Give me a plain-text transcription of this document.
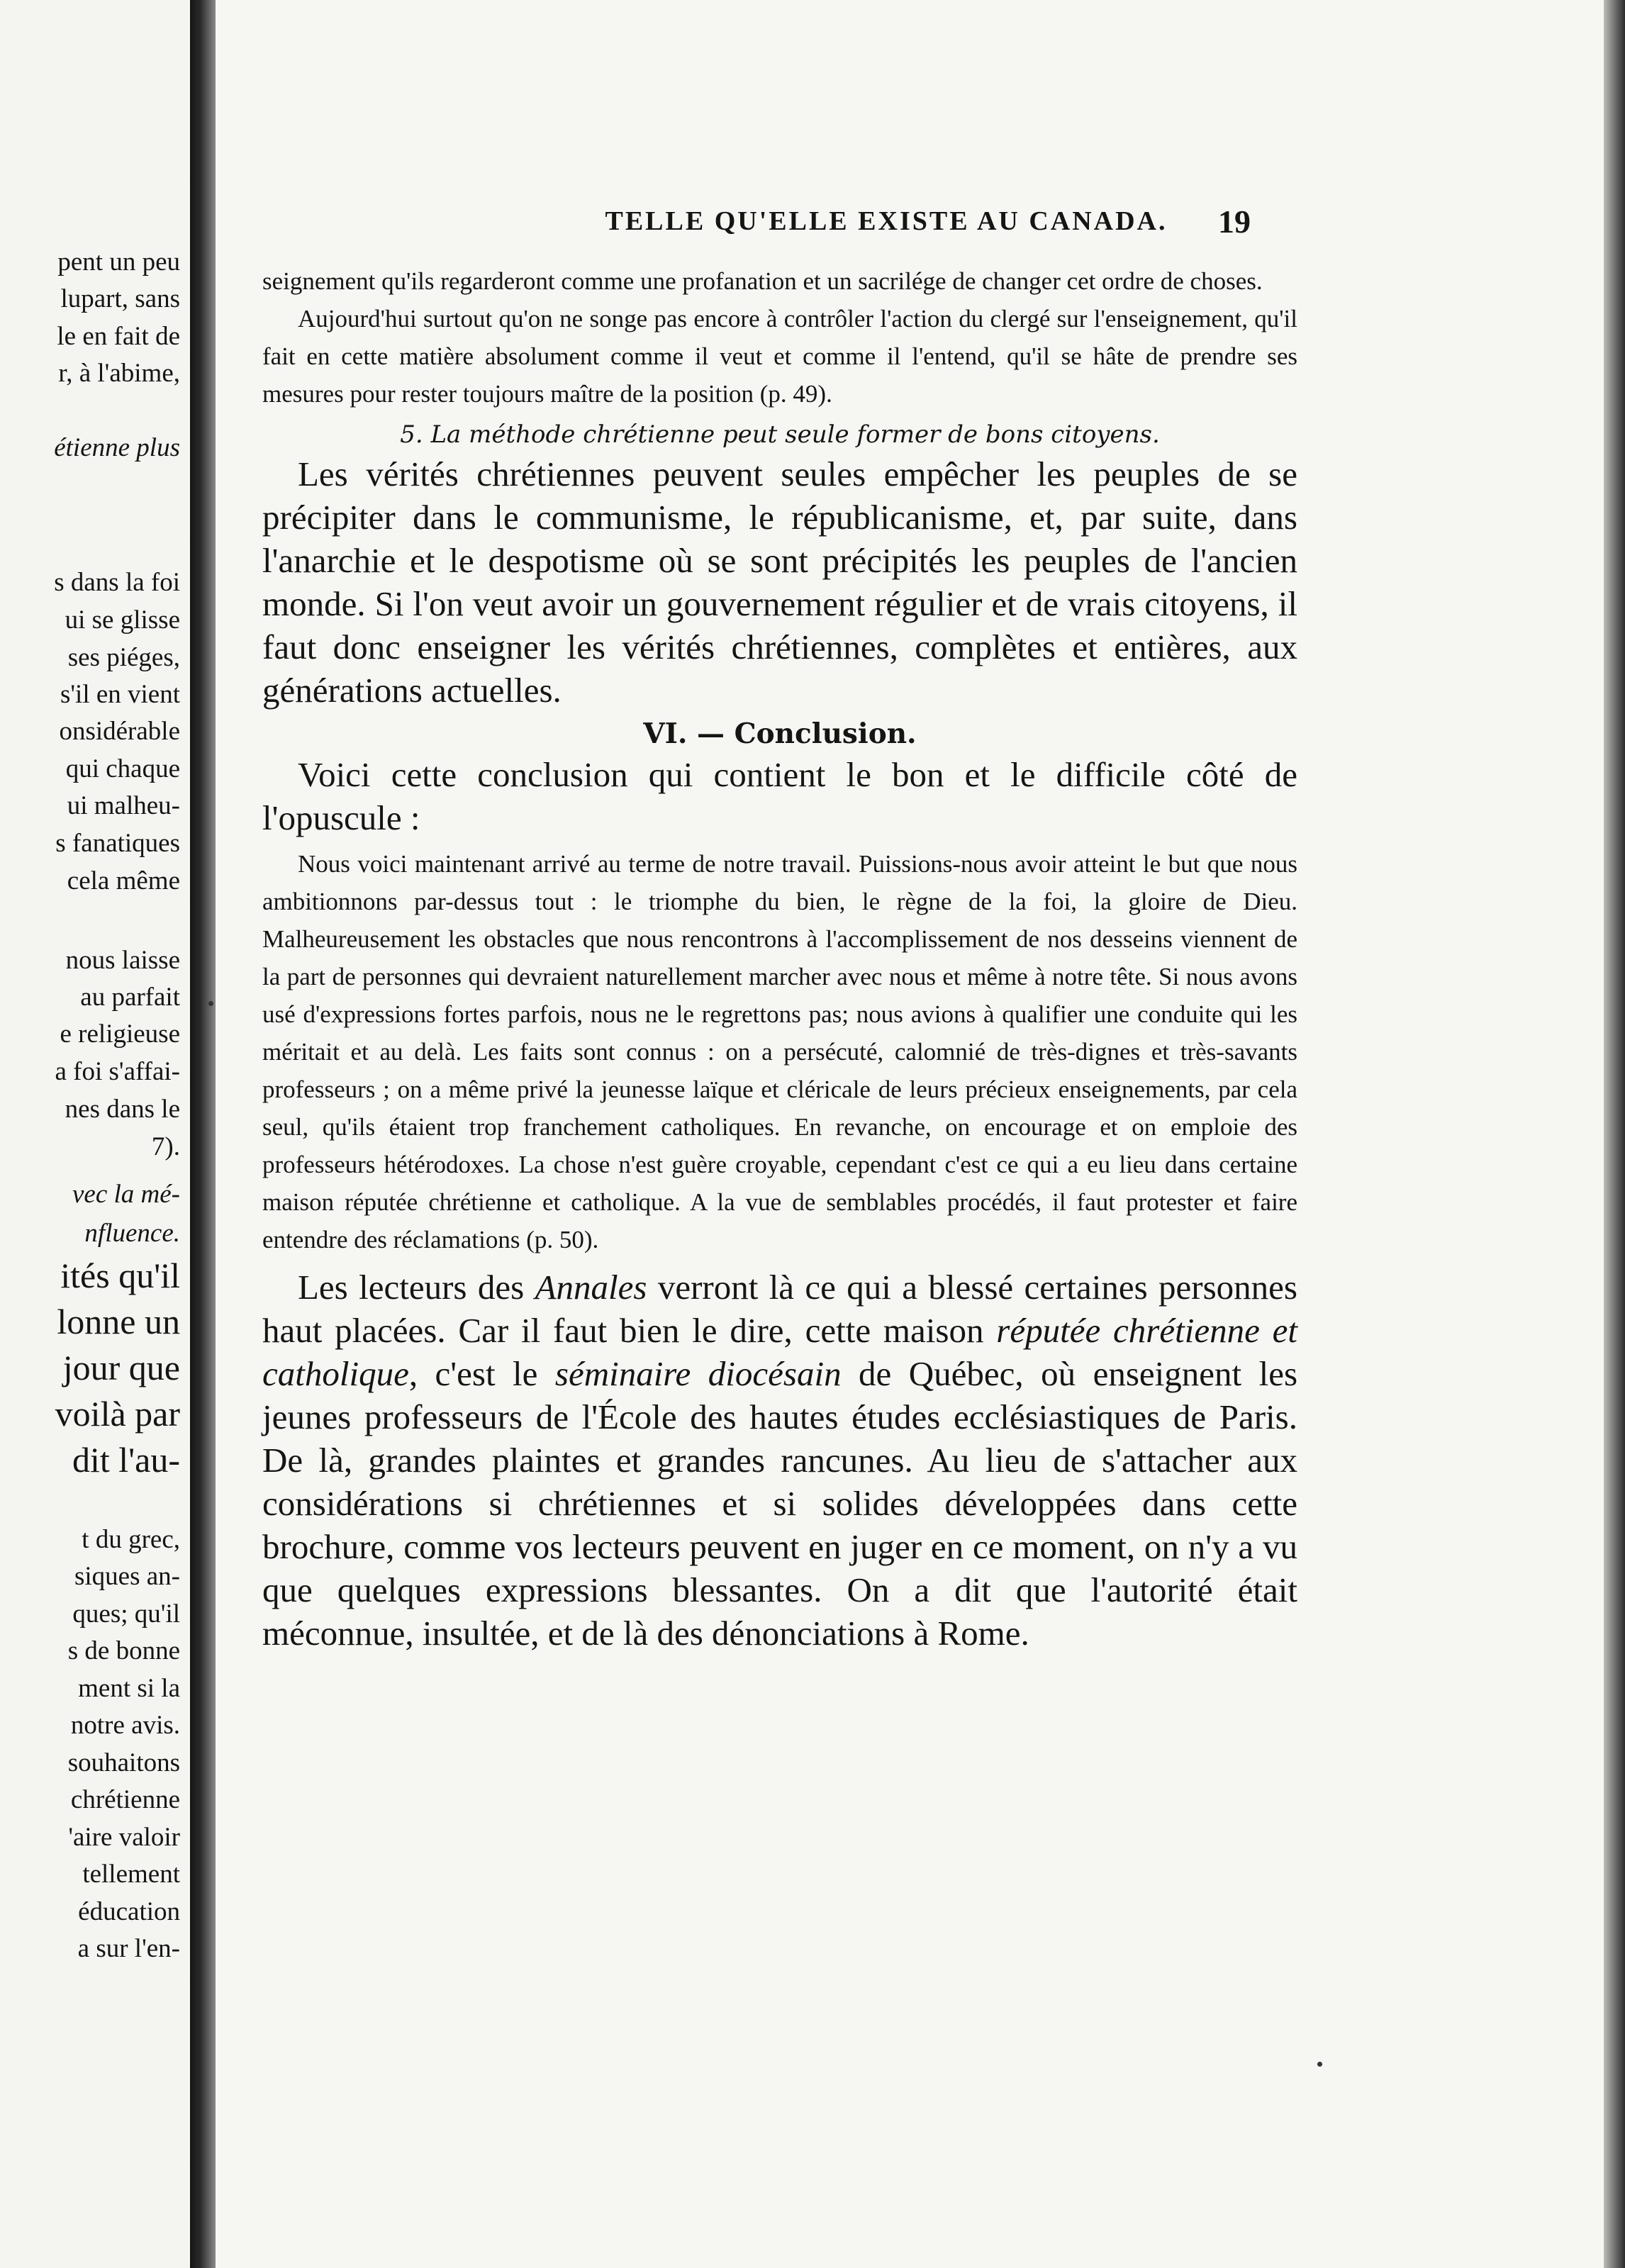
pent un peu
lupart, sans
le en fait de
r, à l'abime,
étienne plus
s dans la foi
ui se glisse
ses piéges,
s'il en vient
onsidérable
qui chaque
ui malheu-
s fanatiques
cela même
nous laisse
au parfait
e religieuse
a foi s'affai-
nes dans le
7).
vec la mé-
nfluence.
ités qu'il
lonne un
jour que
voilà par
dit l'au-
t du grec,
siques an-
ques; qu'il
s de bonne
ment si la
notre avis.
souhaitons
chrétienne
'aire valoir
tellement
éducation
a sur l'en-
TELLE QU'ELLE EXISTE AU CANADA.	19

seignement qu'ils regarderont comme une profanation et un sacrilége de changer cet ordre de choses.

Aujourd'hui surtout qu'on ne songe pas encore à contrôler l'action du clergé sur l'enseignement, qu'il fait en cette matière absolument comme il veut et comme il l'entend, qu'il se hâte de prendre ses mesures pour rester toujours maître de la position (p. 49).

5. La méthode chrétienne peut seule former de bons citoyens.

Les vérités chrétiennes peuvent seules empêcher les peuples de se précipiter dans le communisme, le républicanisme, et, par suite, dans l'anarchie et le despotisme où se sont précipités les peuples de l'ancien monde. Si l'on veut avoir un gouvernement régulier et de vrais citoyens, il faut donc enseigner les vérités chrétiennes, complètes et entières, aux générations actuelles.

VI. — Conclusion.

Voici cette conclusion qui contient le bon et le difficile côté de l'opuscule :

Nous voici maintenant arrivé au terme de notre travail. Puissions-nous avoir atteint le but que nous ambitionnons par-dessus tout : le triomphe du bien, le règne de la foi, la gloire de Dieu. Malheureusement les obstacles que nous rencontrons à l'accomplissement de nos desseins viennent de la part de personnes qui devraient naturellement marcher avec nous et même à notre tête. Si nous avons usé d'expressions fortes parfois, nous ne le regrettons pas; nous avions à qualifier une conduite qui les méritait et au delà. Les faits sont connus : on a persécuté, calomnié de très-dignes et très-savants professeurs ; on a même privé la jeunesse laïque et cléricale de leurs précieux enseignements, par cela seul, qu'ils étaient trop franchement catholiques. En revanche, on encourage et on emploie des professeurs hétérodoxes. La chose n'est guère croyable, cependant c'est ce qui a eu lieu dans certaine maison réputée chrétienne et catholique. A la vue de semblables procédés, il faut protester et faire entendre des réclamations (p. 50).

Les lecteurs des Annales verront là ce qui a blessé certaines personnes haut placées. Car il faut bien le dire, cette maison réputée chrétienne et catholique, c'est le séminaire diocésain de Québec, où enseignent les jeunes professeurs de l'École des hautes études ecclésiastiques de Paris. De là, grandes plaintes et grandes rancunes. Au lieu de s'attacher aux considérations si chrétiennes et si solides développées dans cette brochure, comme vos lecteurs peuvent en juger en ce moment, on n'y a vu que quelques expressions blessantes. On a dit que l'autorité était méconnue, insultée, et de là des dénonciations à Rome.
